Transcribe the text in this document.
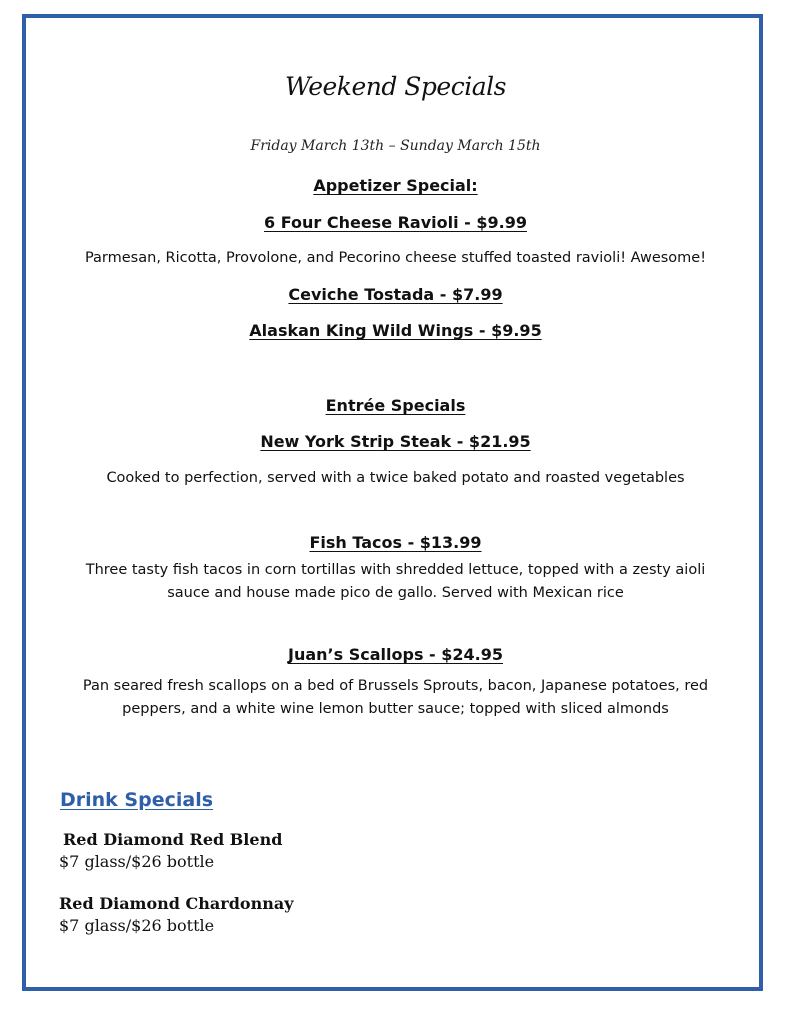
Weekend Specials
Friday March 13th – Sunday March 15th
Appetizer Special:
6 Four Cheese Ravioli - $9.99
Parmesan, Ricotta, Provolone, and Pecorino cheese stuffed toasted ravioli! Awesome!
Ceviche Tostada - $7.99
Alaskan King Wild Wings - $9.95
Entrée Specials
New York Strip Steak - $21.95
Cooked to perfection, served with a twice baked potato and roasted vegetables
Fish Tacos - $13.99
Three tasty fish tacos in corn tortillas with shredded lettuce, topped with a zesty aioli
sauce and house made pico de gallo. Served with Mexican rice
Juan’s Scallops - $24.95
Pan seared fresh scallops on a bed of Brussels Sprouts, bacon, Japanese potatoes, red
peppers, and a white wine lemon butter sauce; topped with sliced almonds
Drink Specials
Red Diamond Red Blend
$7 glass/$26 bottle
Red Diamond Chardonnay
$7 glass/$26 bottle
